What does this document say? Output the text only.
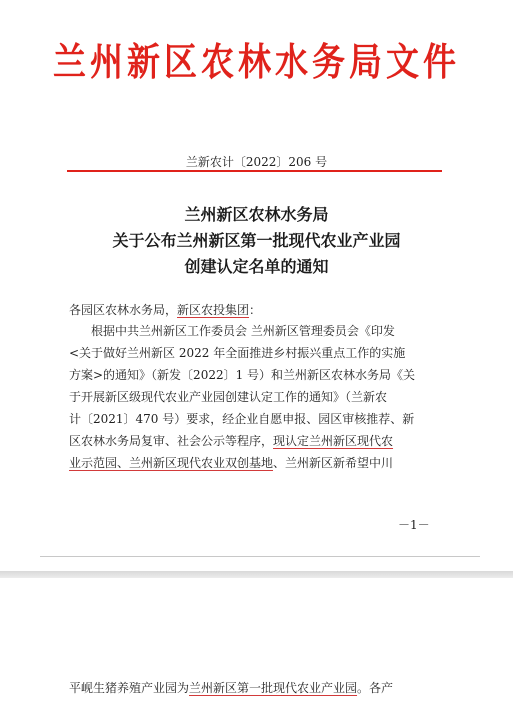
兰州新区农林水务局文件
兰新农计〔2022〕206 号
兰州新区农林水务局
关于公布兰州新区第一批现代农业产业园
创建认定名单的通知
各园区农林水务局，新区农投集团：
根据中共兰州新区工作委员会 兰州新区管理委员会《印发
<关于做好兰州新区 2022 年全面推进乡村振兴重点工作的实施
方案>的通知》（新发〔2022〕1 号）和兰州新区农林水务局《关
于开展新区级现代农业产业园创建认定工作的通知》（兰新农
计〔2021〕470 号）要求，经企业自愿申报、园区审核推荐、新
区农林水务局复审、社会公示等程序，现认定兰州新区现代农
业示范园、兰州新区现代农业双创基地、兰州新区新希望中川
－1－
平岘生猪养殖产业园为兰州新区第一批现代农业产业园。各产
